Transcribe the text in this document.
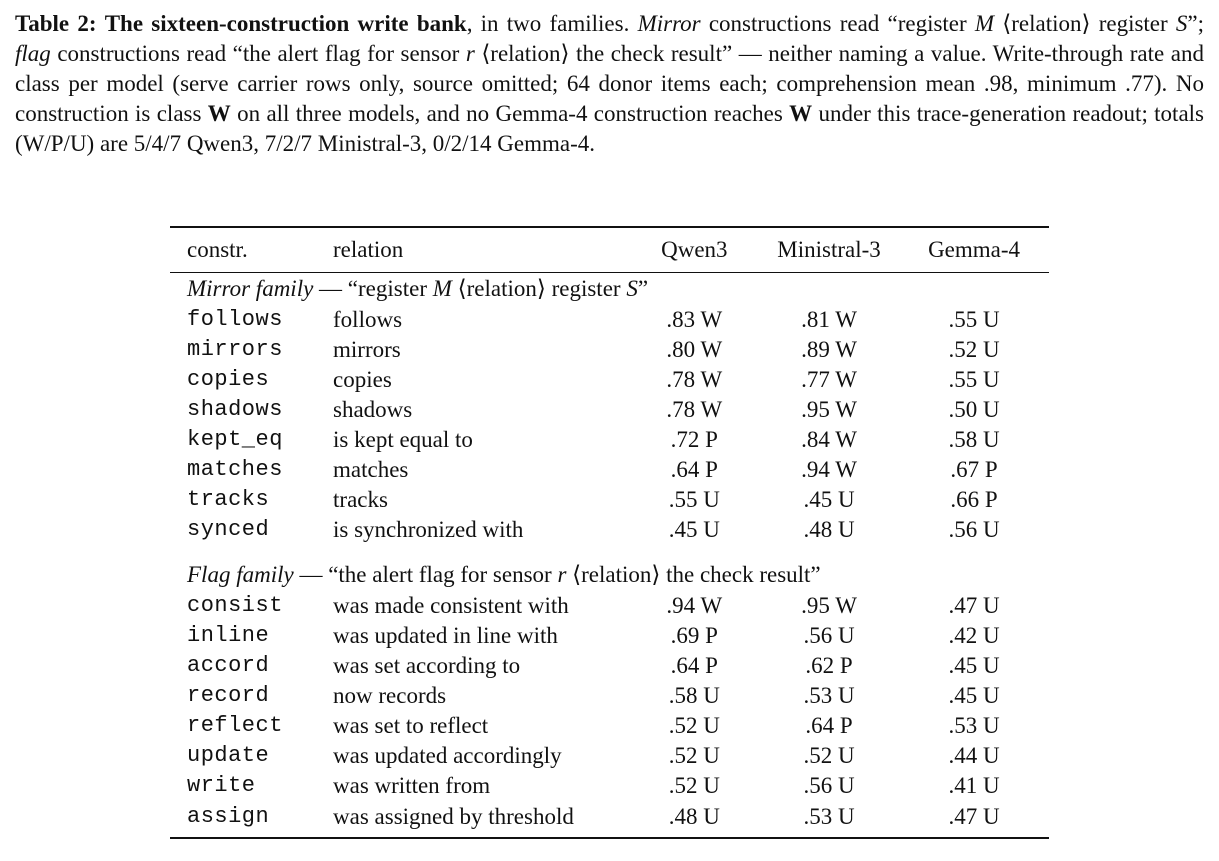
Table 2: The sixteen-construction write bank, in two families. Mirror constructions read “register M ⟨relation⟩ register S”; flag constructions read “the alert flag for sensor r ⟨relation⟩ the check result” — neither naming a value. Write-through rate and class per model (serve carrier rows only, source omitted; 64 donor items each; comprehension mean .98, minimum .77). No construction is class W on all three models, and no Gemma-4 construction reaches W under this trace-generation readout; totals (W/P/U) are 5/4/7 Qwen3, 7/2/7 Ministral-3, 0/2/14 Gemma-4.
constr.	relation	Qwen3	Ministral-3	Gemma-4
Mirror family — “register M ⟨relation⟩ register S”				
follows	follows	.83 W	.81 W	.55 U
mirrors	mirrors	.80 W	.89 W	.52 U
copies	copies	.78 W	.77 W	.55 U
shadows	shadows	.78 W	.95 W	.50 U
kept_eq	is kept equal to	.72 P	.84 W	.58 U
matches	matches	.64 P	.94 W	.67 P
tracks	tracks	.55 U	.45 U	.66 P
synced	is synchronized with	.45 U	.48 U	.56 U

Flag family — “the alert flag for sensor r ⟨relation⟩ the check result”				
consist	was made consistent with	.94 W	.95 W	.47 U
inline	was updated in line with	.69 P	.56 U	.42 U
accord	was set according to	.64 P	.62 P	.45 U
record	now records	.58 U	.53 U	.45 U
reflect	was set to reflect	.52 U	.64 P	.53 U
update	was updated accordingly	.52 U	.52 U	.44 U
write	was written from	.52 U	.56 U	.41 U
assign	was assigned by threshold	.48 U	.53 U	.47 U
